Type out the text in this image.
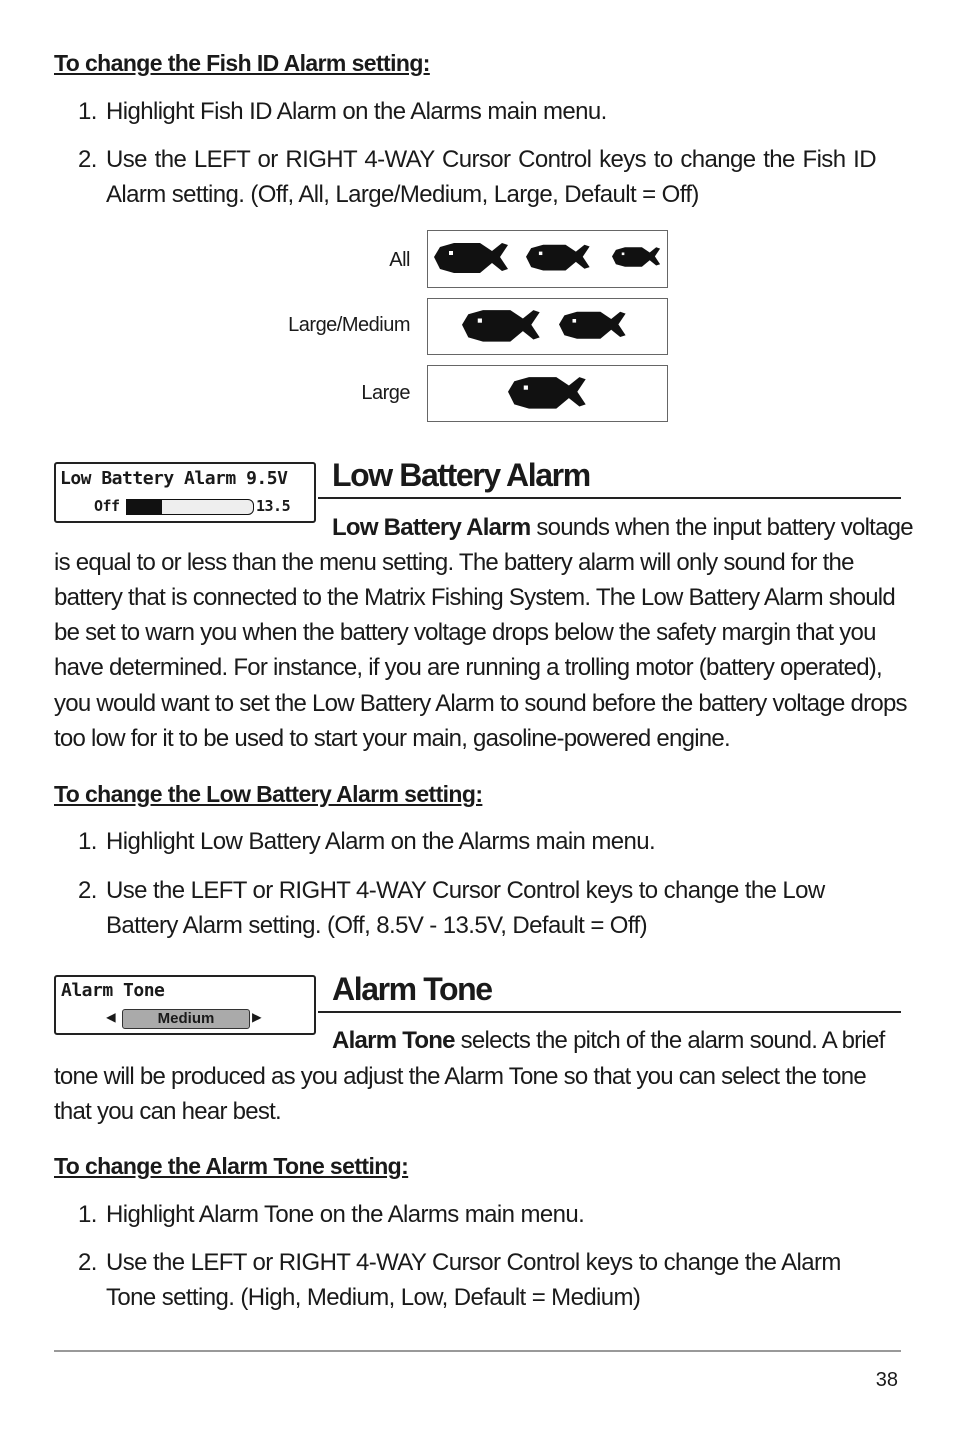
To change the Fish ID Alarm setting:
1. Highlight Fish ID Alarm on the Alarms main menu.
2. Use the LEFT or RIGHT 4-WAY Cursor Control keys to change the Fish ID Alarm setting. (Off, All, Large/Medium, Large, Default = Off)
All
Large/Medium
Large
Low Battery Alarm 9.5V
Off	13.5
Low Battery Alarm
Low Battery Alarm sounds when the input battery voltage
is equal to or less than the menu setting. The battery alarm will only sound for the
battery that is connected to the Matrix Fishing System. The Low Battery Alarm should
be set to warn you when the battery voltage drops below the safety margin that you
have determined. For instance, if you are running a trolling motor (battery operated),
you would want to set the Low Battery Alarm to sound before the battery voltage drops
too low for it to be used to start your main, gasoline-powered engine.
To change the Low Battery Alarm setting:
1. Highlight Low Battery Alarm on the Alarms main menu.
2. Use the LEFT or RIGHT 4-WAY Cursor Control keys to change the Low Battery Alarm setting. (Off, 8.5V - 13.5V, Default = Off)
Alarm Tone
◀	Medium	▶
Alarm Tone
Alarm Tone selects the pitch of the alarm sound. A brief
tone will be produced as you adjust the Alarm Tone so that you can select the tone
that you can hear best.
To change the Alarm Tone setting:
1. Highlight Alarm Tone on the Alarms main menu.
2. Use the LEFT or RIGHT 4-WAY Cursor Control keys to change the Alarm Tone setting. (High, Medium, Low, Default = Medium)
38
